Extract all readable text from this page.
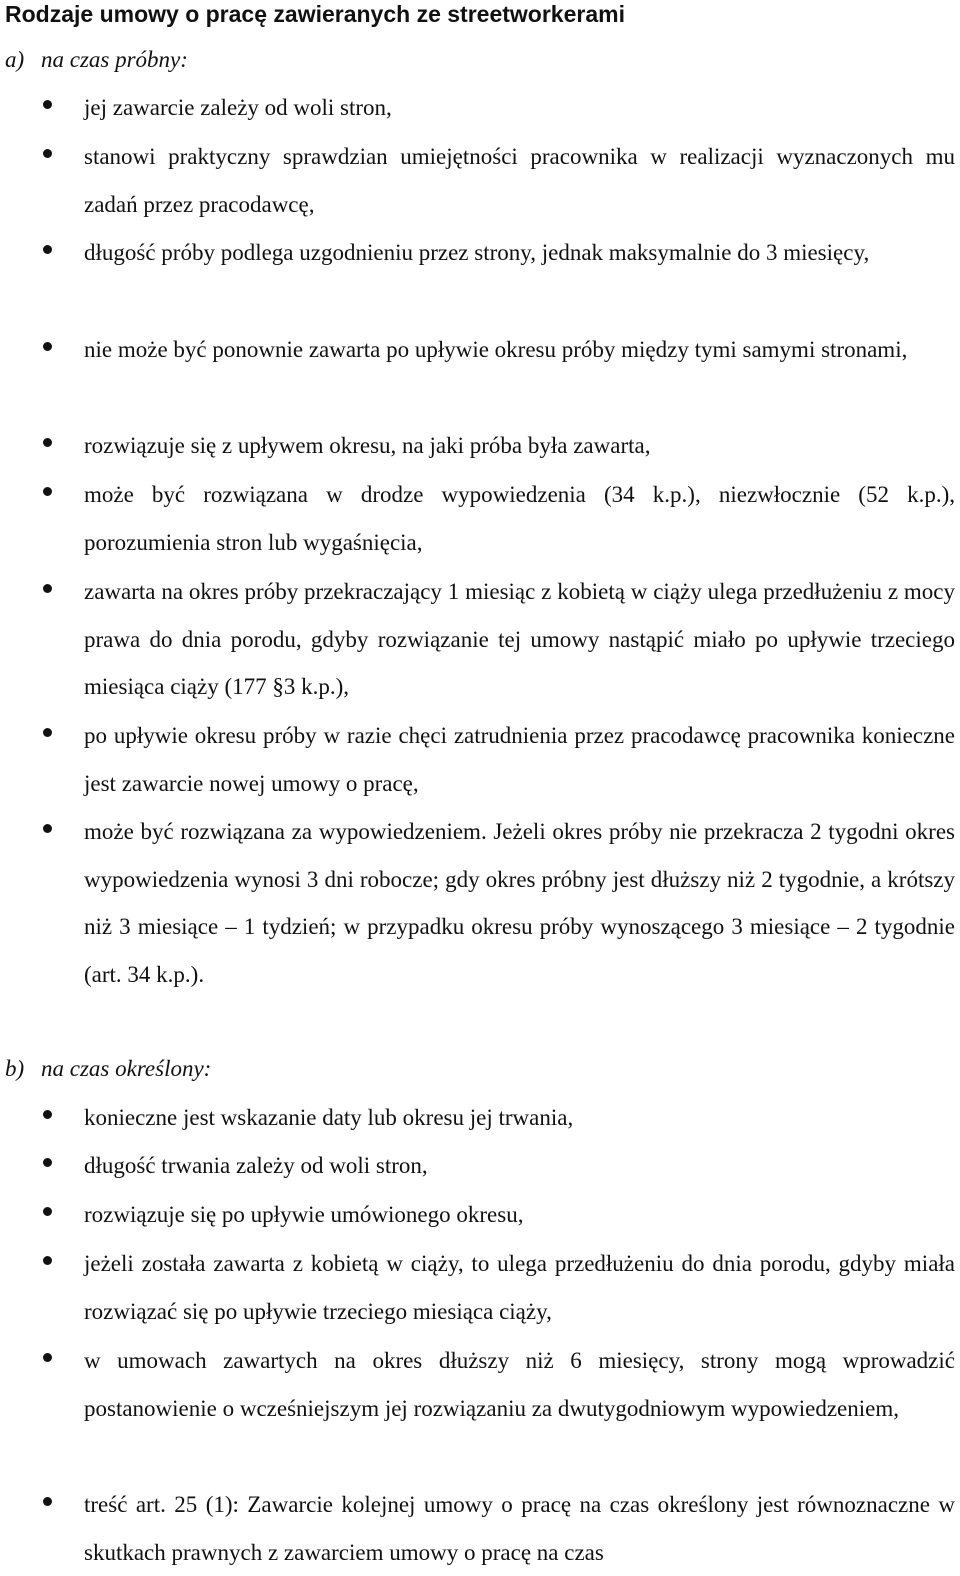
Rodzaje umowy o pracę zawieranych ze streetworkerami
a) na czas próbny:

jej zawarcie zależy od woli stron,

stanowi praktyczny sprawdzian umiejętności pracownika w realizacji wyznaczonych mu zadań przez pracodawcę,

długość próby podlega uzgodnieniu przez strony, jednak maksymalnie do 3 miesięcy,

nie może być ponownie zawarta po upływie okresu próby między tymi samymi stronami,

rozwiązuje się z upływem okresu, na jaki próba była zawarta,

może być rozwiązana w drodze wypowiedzenia (34 k.p.), niezwłocznie (52 k.p.), porozumienia stron lub wygaśnięcia,

zawarta na okres próby przekraczający 1 miesiąc z kobietą w ciąży ulega przedłużeniu z mocy prawa do dnia porodu, gdyby rozwiązanie tej umowy nastąpić miało po upływie trzeciego miesiąca ciąży (177 §3 k.p.),

po upływie okresu próby w razie chęci zatrudnienia przez pracodawcę pracownika konieczne jest zawarcie nowej umowy o pracę,

może być rozwiązana za wypowiedzeniem. Jeżeli okres próby nie przekracza 2 tygodni okres wypowiedzenia wynosi 3 dni robocze; gdy okres próbny jest dłuższy niż 2 tygodnie, a krótszy niż 3 miesiące – 1 tydzień; w przypadku okresu próby wynoszącego 3 miesiące – 2 tygodnie (art. 34 k.p.).

b) na czas określony:

konieczne jest wskazanie daty lub okresu jej trwania,

długość trwania zależy od woli stron,

rozwiązuje się po upływie umówionego okresu,

jeżeli została zawarta z kobietą w ciąży, to ulega przedłużeniu do dnia porodu, gdyby miała rozwiązać się po upływie trzeciego miesiąca ciąży,

w umowach zawartych na okres dłuższy niż 6 miesięcy, strony mogą wprowadzić postanowienie o wcześniejszym jej rozwiązaniu za dwutygodniowym wypowiedzeniem,

treść art. 25 (1): Zawarcie kolejnej umowy o pracę na czas określony jest równoznaczne w skutkach prawnych z zawarciem umowy o pracę na czas
